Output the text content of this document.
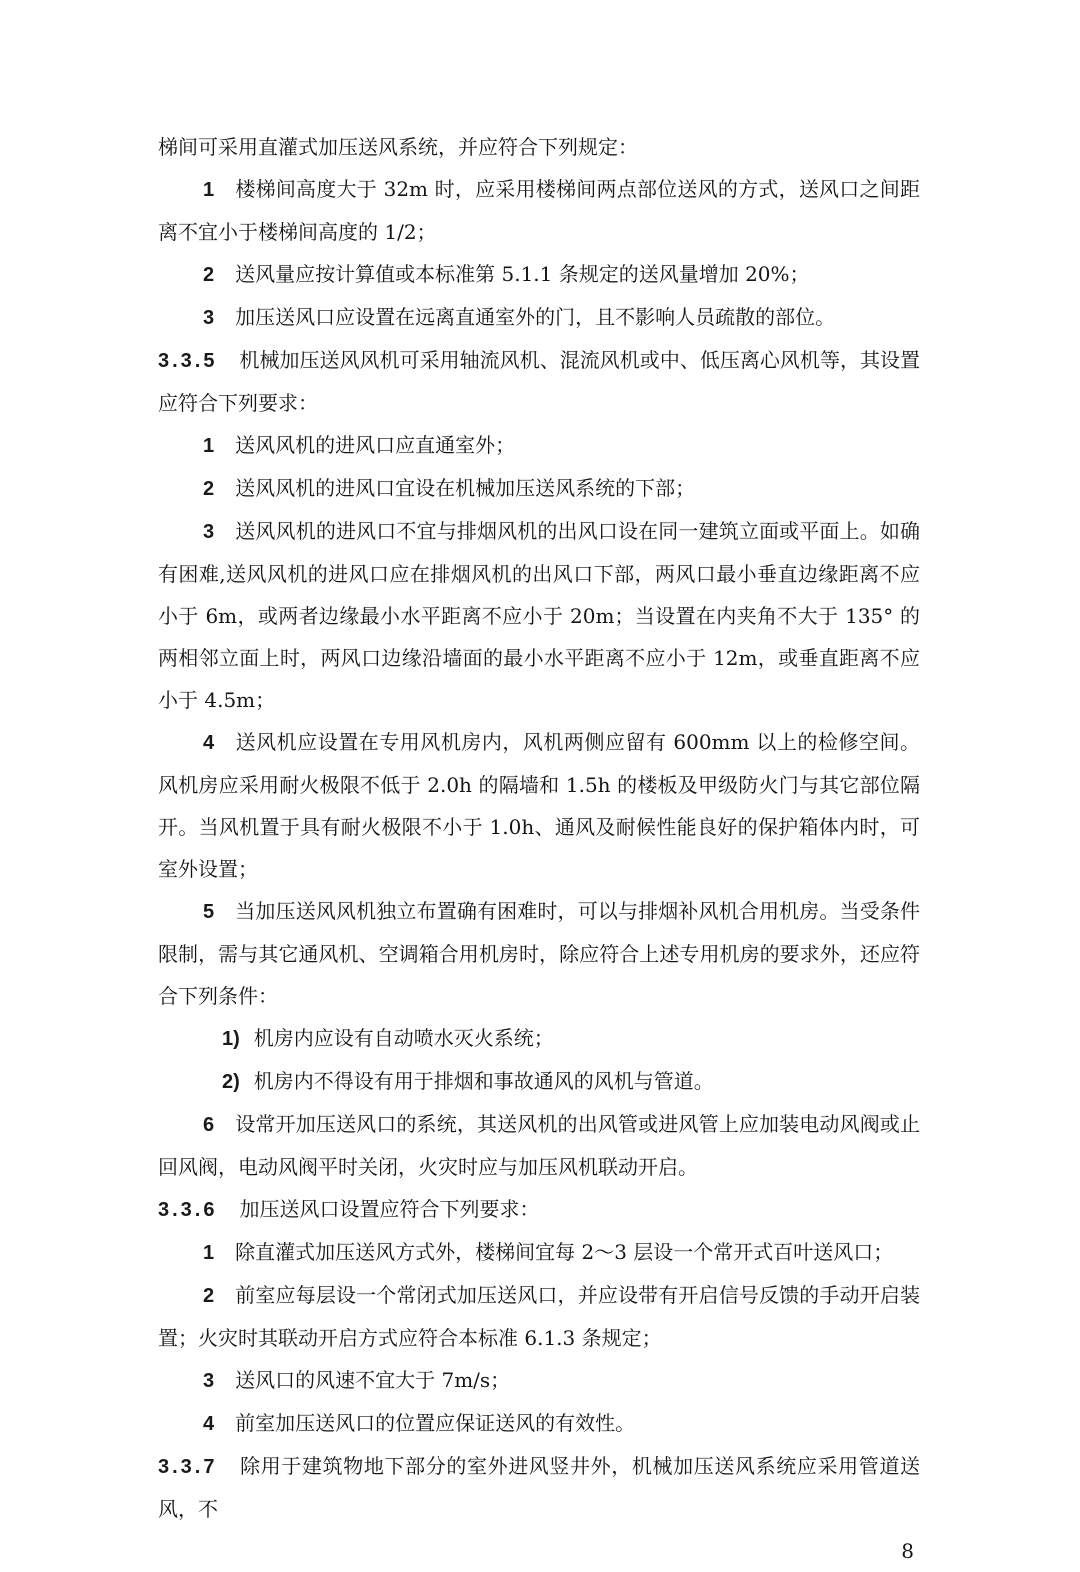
梯间可采用直灌式加压送风系统，并应符合下列规定：

1 楼梯间高度大于 32m 时，应采用楼梯间两点部位送风的方式，送风口之间距离不宜小于楼梯间高度的 1/2；

2 送风量应按计算值或本标准第 5.1.1 条规定的送风量增加 20%；

3 加压送风口应设置在远离直通室外的门，且不影响人员疏散的部位。

3.3.5 机械加压送风风机可采用轴流风机、混流风机或中、低压离心风机等，其设置应符合下列要求：

1 送风风机的进风口应直通室外；

2 送风风机的进风口宜设在机械加压送风系统的下部；

3 送风风机的进风口不宜与排烟风机的出风口设在同一建筑立面或平面上。如确有困难,送风风机的进风口应在排烟风机的出风口下部，两风口最小垂直边缘距离不应小于 6m，或两者边缘最小水平距离不应小于 20m；当设置在内夹角不大于 135° 的两相邻立面上时，两风口边缘沿墙面的最小水平距离不应小于 12m，或垂直距离不应小于 4.5m；

4 送风机应设置在专用风机房内，风机两侧应留有 600mm 以上的检修空间。风机房应采用耐火极限不低于 2.0h 的隔墙和 1.5h 的楼板及甲级防火门与其它部位隔开。当风机置于具有耐火极限不小于 1.0h、通风及耐候性能良好的保护箱体内时，可室外设置；

5 当加压送风风机独立布置确有困难时，可以与排烟补风机合用机房。当受条件限制，需与其它通风机、空调箱合用机房时，除应符合上述专用机房的要求外，还应符合下列条件：

1) 机房内应设有自动喷水灭火系统；

2) 机房内不得设有用于排烟和事故通风的风机与管道。

6 设常开加压送风口的系统，其送风机的出风管或进风管上应加装电动风阀或止回风阀，电动风阀平时关闭，火灾时应与加压风机联动开启。

3.3.6 加压送风口设置应符合下列要求：

1 除直灌式加压送风方式外，楼梯间宜每 2～3 层设一个常开式百叶送风口；

2 前室应每层设一个常闭式加压送风口，并应设带有开启信号反馈的手动开启装置；火灾时其联动开启方式应符合本标准 6.1.3 条规定；

3 送风口的风速不宜大于 7m/s；

4 前室加压送风口的位置应保证送风的有效性。

3.3.7 除用于建筑物地下部分的室外进风竖井外，机械加压送风系统应采用管道送风，不

8
